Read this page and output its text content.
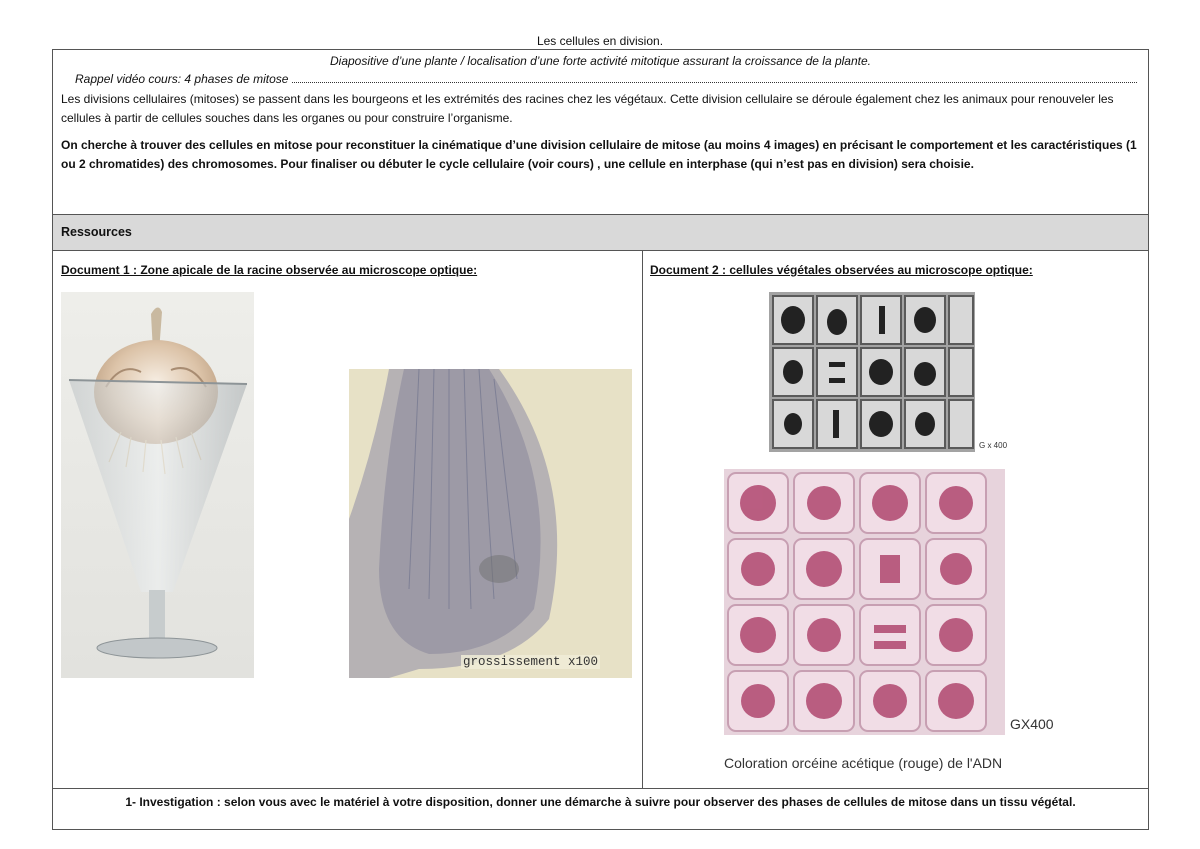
Les cellules en division.
Diapositive d’une plante / localisation d’une forte activité mitotique assurant la croissance de la plante.
Rappel vidéo cours: 4 phases de mitose
Les divisions cellulaires (mitoses) se passent dans les bourgeons et les extrémités des racines chez les végétaux. Cette division cellulaire se déroule également chez les animaux pour renouveler les cellules à partir de cellules souches dans les organes ou pour construire l’organisme.
On cherche à trouver des cellules en mitose pour reconstituer la cinématique d’une division cellulaire de mitose (au moins 4 images) en précisant le comportement et les caractéristiques (1 ou 2 chromatides) des chromosomes. Pour finaliser ou débuter le cycle cellulaire (voir cours) , une cellule en interphase (qui n’est pas en division) sera choisie.
Ressources
Document 1 : Zone apicale de la racine observée au microscope optique:	Document 2 : cellules végétales observées au microscope optique:
grossissement x100
G x 400
GX400
Coloration orcéine acétique (rouge) de l'ADN
1- Investigation : selon vous avec le matériel à votre disposition, donner une démarche à suivre pour observer des phases de cellules de mitose dans un tissu végétal.
